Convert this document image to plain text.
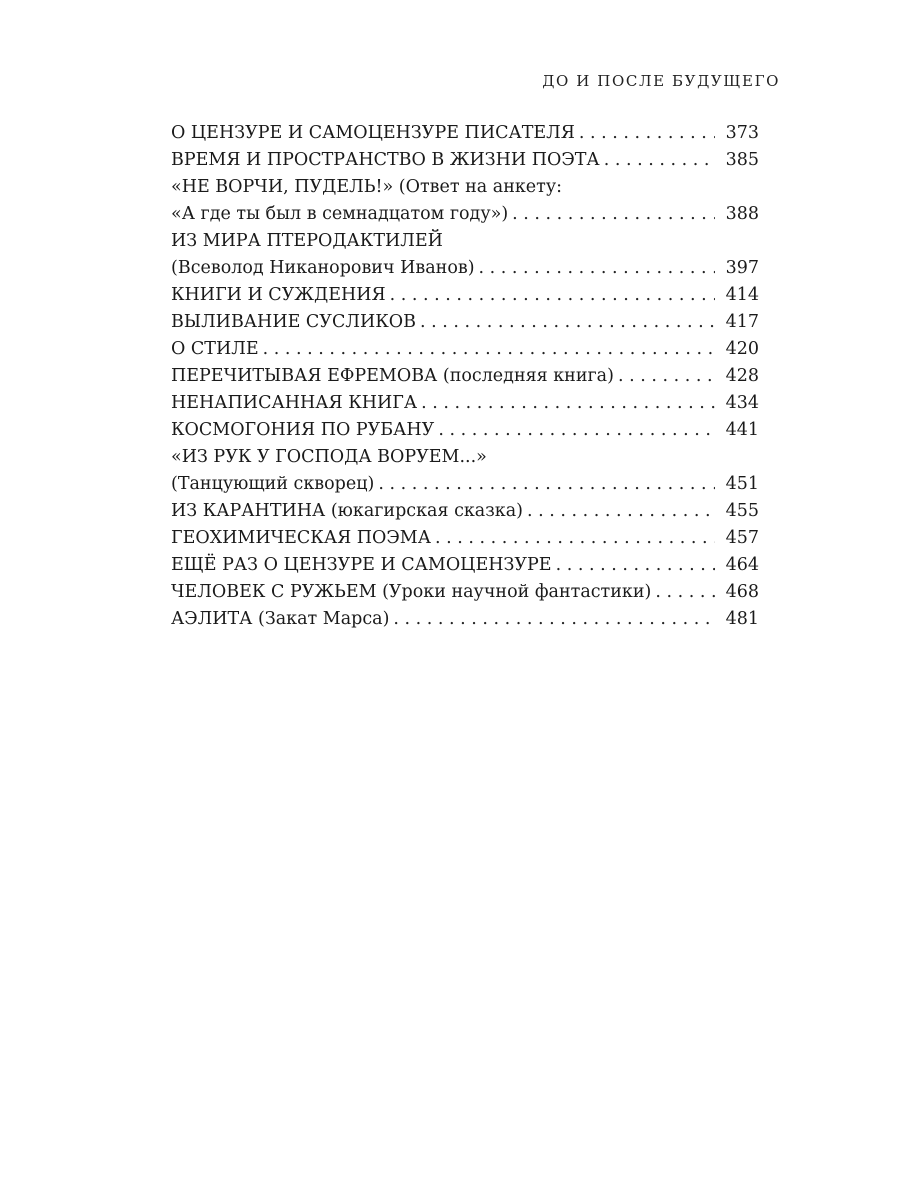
ДО И ПОСЛЕ БУДУЩЕГО
О ЦЕНЗУРЕ И САМОЦЕНЗУРЕ ПИСАТЕЛЯ . . .	373
ВРЕМЯ И ПРОСТРАНСТВО В ЖИЗНИ ПОЭТА . . .	385
«НЕ ВОРЧИ, ПУДЕЛЬ!» (Ответ на анкету:
«А где ты был в семнадцатом году») . . .	388
ИЗ МИРА ПТЕРОДАКТИЛЕЙ
(Всеволод Никанорович Иванов) . . .	397
КНИГИ И СУЖДЕНИЯ . . .	414
ВЫЛИВАНИЕ СУСЛИКОВ . . .	417
О СТИЛЕ . . .	420
ПЕРЕЧИТЫВАЯ ЕФРЕМОВА (последняя книга) . . .	428
НЕНАПИСАННАЯ КНИГА . . .	434
КОСМОГОНИЯ ПО РУБАНУ . . .	441
«ИЗ РУК У ГОСПОДА ВОРУЕМ...»
(Танцующий скворец) . . .	451
ИЗ КАРАНТИНА (юкагирская сказка) . . .	455
ГЕОХИМИЧЕСКАЯ ПОЭМА . . .	457
ЕЩЁ РАЗ О ЦЕНЗУРЕ И САМОЦЕНЗУРЕ . . .	464
ЧЕЛОВЕК С РУЖЬЕМ (Уроки научной фантастики) . . .	468
АЭЛИТА (Закат Марса) . . .	481
